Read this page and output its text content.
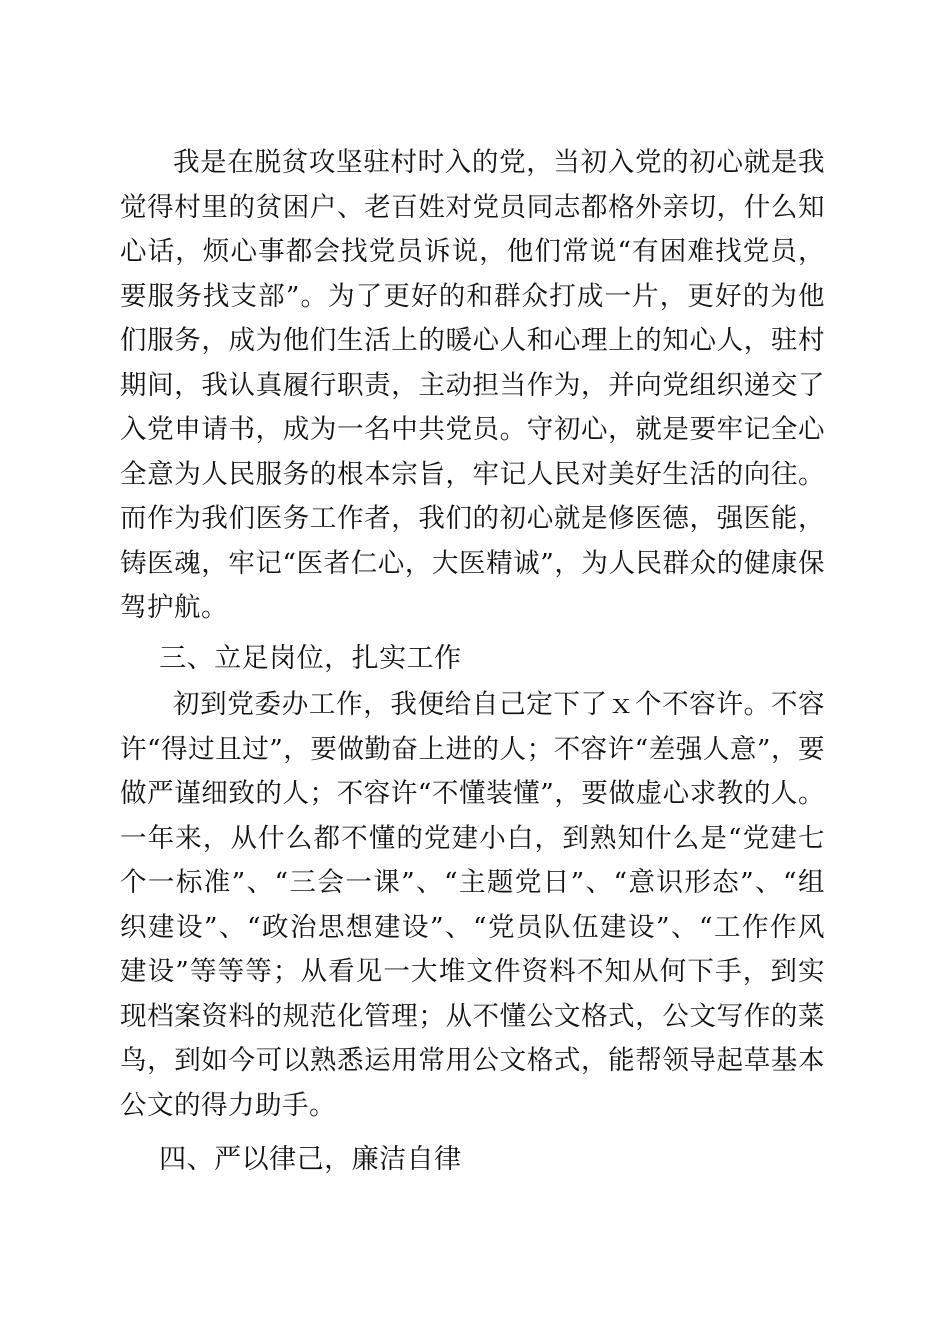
我是在脱贫攻坚驻村时入的党，当初入党的初心就是我觉得村里的贫困户、老百姓对党员同志都格外亲切，什么知心话，烦心事都会找党员诉说，他们常说“有困难找党员，要服务找支部”。为了更好的和群众打成一片，更好的为他们服务，成为他们生活上的暖心人和心理上的知心人，驻村期间，我认真履行职责，主动担当作为，并向党组织递交了入党申请书，成为一名中共党员。守初心，就是要牢记全心全意为人民服务的根本宗旨，牢记人民对美好生活的向往。而作为我们医务工作者，我们的初心就是修医德，强医能，铸医魂，牢记“医者仁心，大医精诚”，为人民群众的健康保驾护航。

三、立足岗位，扎实工作

初到党委办工作，我便给自己定下了ｘ个不容许。不容许“得过且过”，要做勤奋上进的人；不容许“差强人意”，要做严谨细致的人；不容许“不懂装懂”，要做虚心求教的人。一年来，从什么都不懂的党建小白，到熟知什么是“党建七个一标准”、“三会一课”、“主题党日”、“意识形态”、“组织建设”、“政治思想建设”、“党员队伍建设”、“工作作风建设”等等等；从看见一大堆文件资料不知从何下手，到实现档案资料的规范化管理；从不懂公文格式，公文写作的菜鸟，到如今可以熟悉运用常用公文格式，能帮领导起草基本公文的得力助手。

四、严以律己，廉洁自律
